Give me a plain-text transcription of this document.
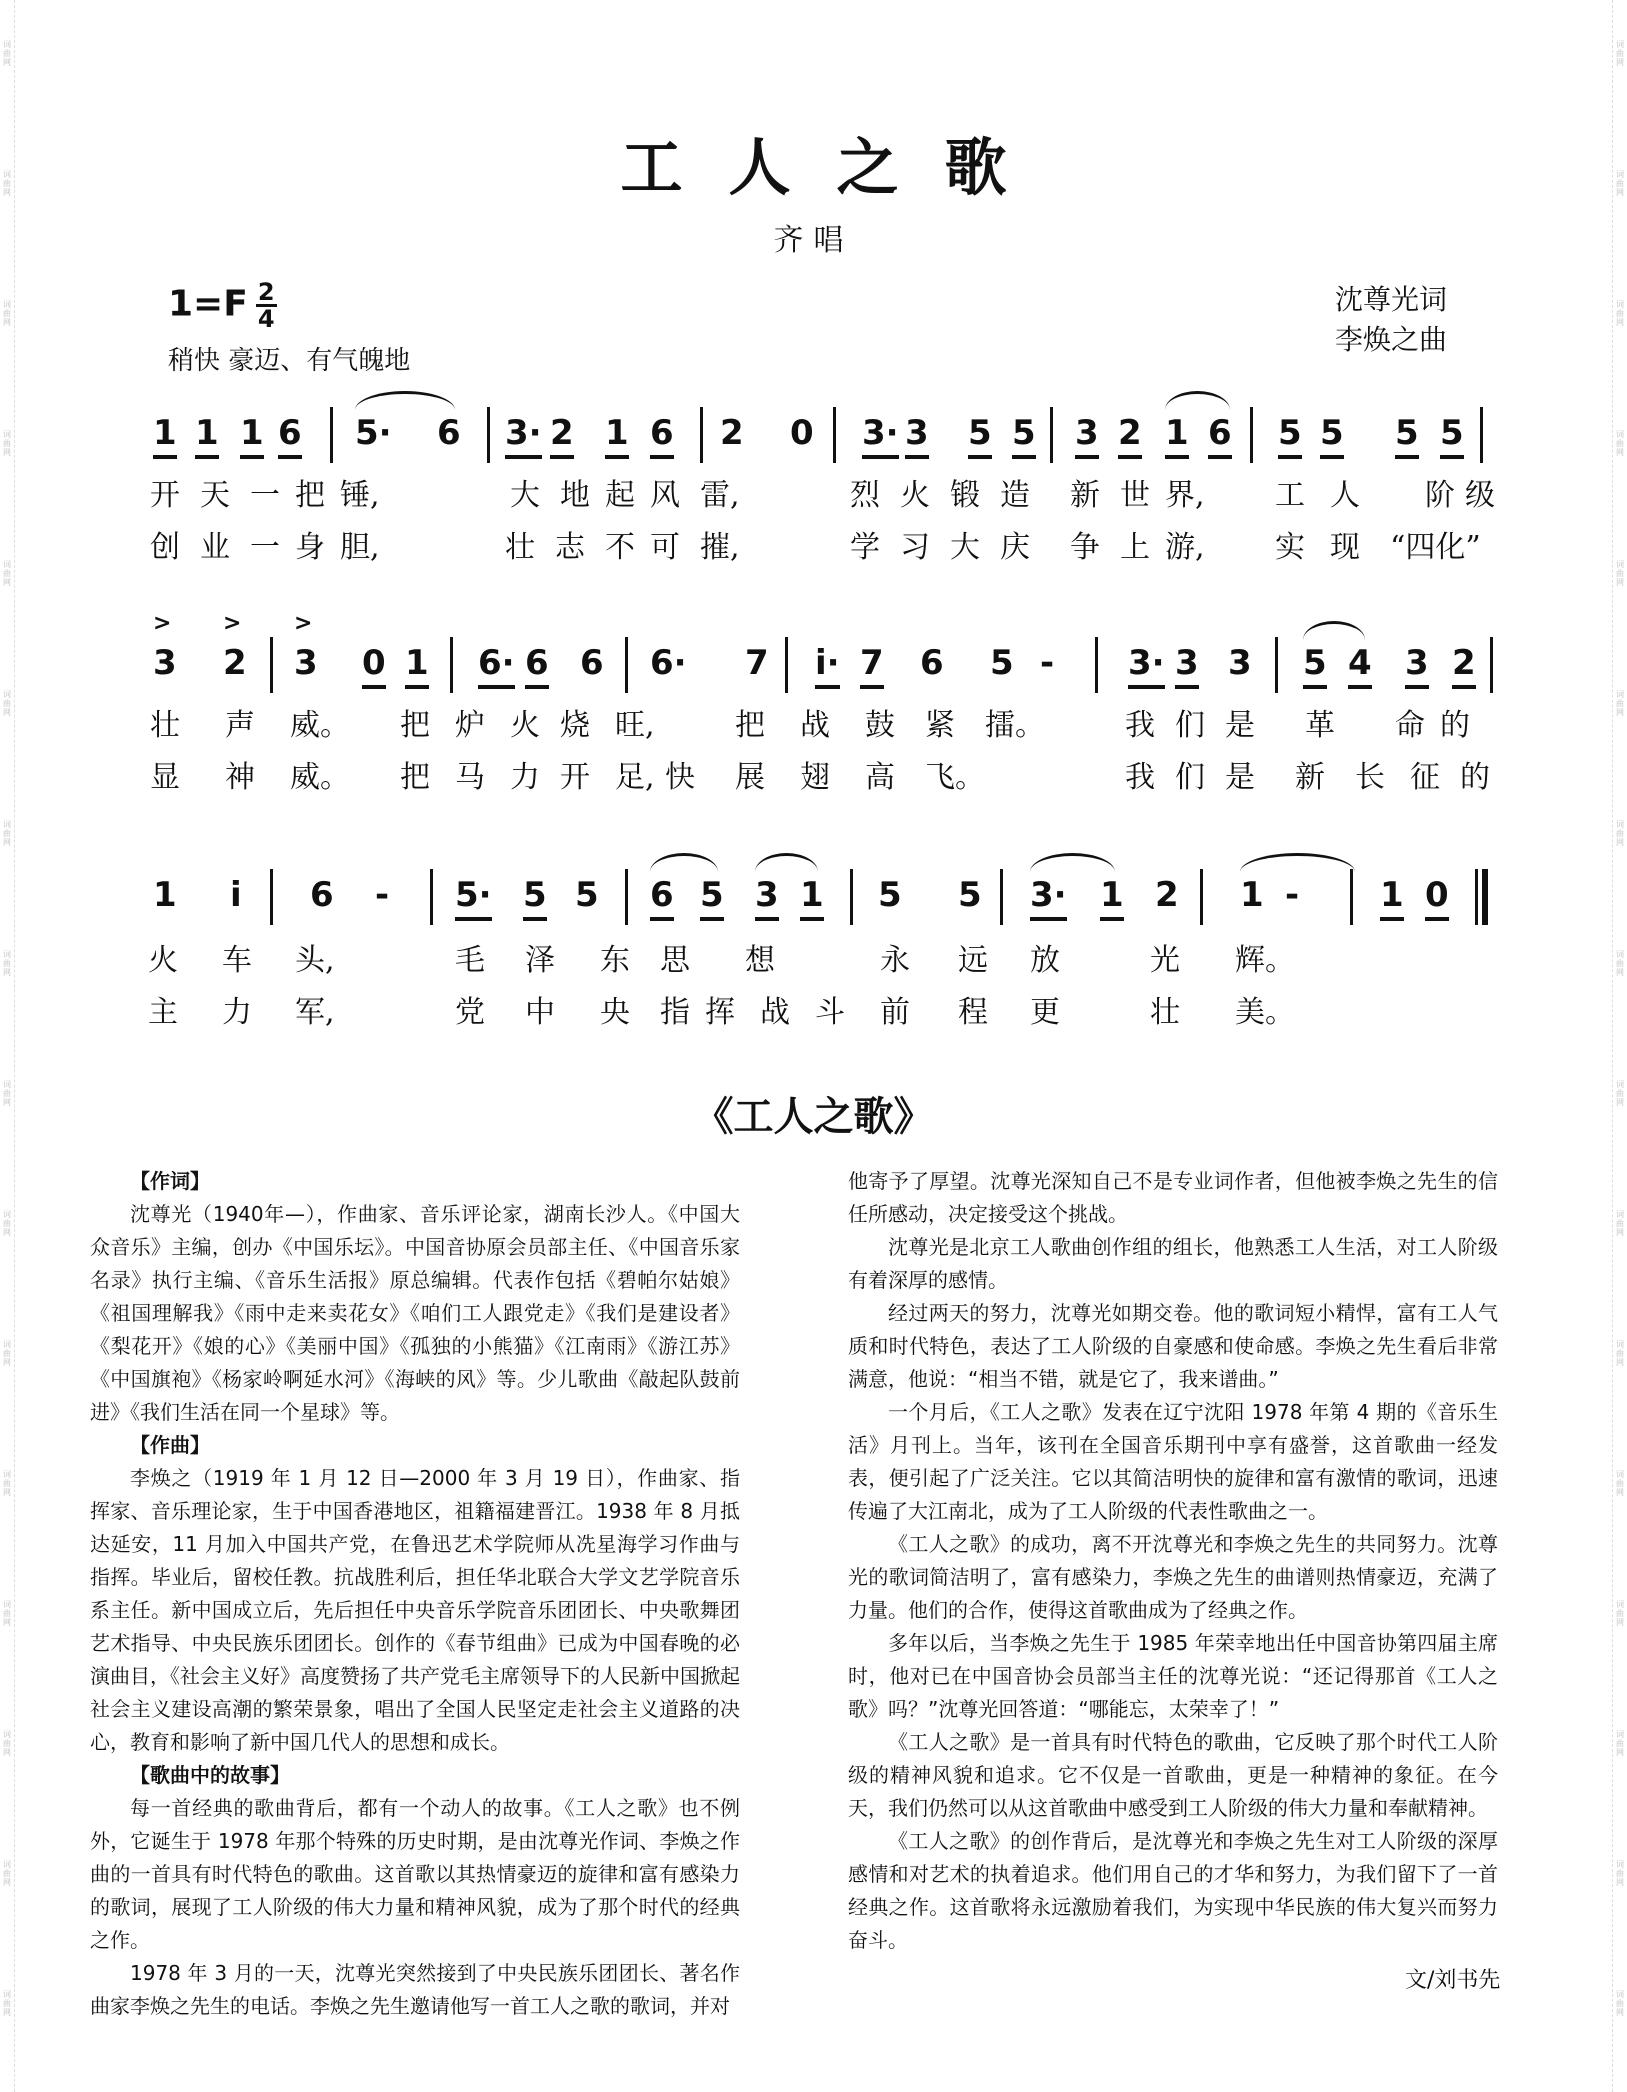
词
曲
网
词
曲
网
词
曲
网
词
曲
网
词
曲
网
词
曲
网
词
曲
网
词
曲
网
词
曲
网
词
曲
网
词
曲
网
词
曲
网
词
曲
网
词
曲
网
词
曲
网
词
曲
网
词
曲
网
词
曲
网
词
曲
网
词
曲
网
词
曲
网
词
曲
网
词
曲
网
词
曲
网
词
曲
网
词
曲
网
词
曲
网
词
曲
网
词
曲
网
词
曲
网
词
曲
网
词
曲
网
工人之歌
齐唱
$1=F \frac{2}{4}$
稍快 豪迈、有气魄地
沈尊光词
李焕之曲
1 1 1 6 5· 6 3· 2 1 6 2 0 3· 3 5 5 3 2 1 6 5 5 5 5
开 天 一 把 锤,	大 地 起 风 雷,	烈 火 锻 造 新 世 界, 工 人 阶 级
创 业 一 身 胆,	壮 志 不 可 摧,	学 习 大 庆 争 上 游, 实 现 “四化”
3 2 3 0 1 6· 6 6 6· 7 i· 7 6 5 - 3· 3 3 5 4 3 2
> > >
壮 声 威。 把 炉 火 烧 旺,	把 战 鼓 紧 擂。	我 们 是 革 命 的
显 神 威。 把 马 力 开 足, 快 展 翅 高 飞。	我 们 是 新 长 征 的
1 i 6 - 5· 5 5 6 5 3 1 5 5 3· 1 2 1 - 1 0
火 车 头,	毛 泽 东 思 想	永 远 放	光 辉。
主 力 军,	党 中 央 指 挥 战 斗 前 程 更	壮 美。
《工人之歌》

【作词】

沈尊光（1940年—），作曲家、音乐评论家，湖南长沙人。《中国大众音乐》主编，创办《中国乐坛》。中国音协原会员部主任、《中国音乐家名录》执行主编、《音乐生活报》原总编辑。代表作包括《碧帕尔姑娘》《祖国理解我》《雨中走来卖花女》《咱们工人跟党走》《我们是建设者》《梨花开》《娘的心》《美丽中国》《孤独的小熊猫》《江南雨》《游江苏》《中国旗袍》《杨家岭啊延水河》《海峡的风》等。少儿歌曲《敲起队鼓前进》《我们生活在同一个星球》等。

【作曲】

李焕之（1919 年 1 月 12 日—2000 年 3 月 19 日），作曲家、指挥家、音乐理论家，生于中国香港地区，祖籍福建晋江。1938 年 8 月抵达延安，11 月加入中国共产党，在鲁迅艺术学院师从冼星海学习作曲与指挥。毕业后，留校任教。抗战胜利后，担任华北联合大学文艺学院音乐系主任。新中国成立后，先后担任中央音乐学院音乐团团长、中央歌舞团艺术指导、中央民族乐团团长。创作的《春节组曲》已成为中国春晚的必演曲目，《社会主义好》高度赞扬了共产党毛主席领导下的人民新中国掀起社会主义建设高潮的繁荣景象，唱出了全国人民坚定走社会主义道路的决心，教育和影响了新中国几代人的思想和成长。

【歌曲中的故事】

每一首经典的歌曲背后，都有一个动人的故事。《工人之歌》也不例外，它诞生于 1978 年那个特殊的历史时期，是由沈尊光作词、李焕之作曲的一首具有时代特色的歌曲。这首歌以其热情豪迈的旋律和富有感染力的歌词，展现了工人阶级的伟大力量和精神风貌，成为了那个时代的经典之作。

1978 年 3 月的一天，沈尊光突然接到了中央民族乐团团长、著名作曲家李焕之先生的电话。李焕之先生邀请他写一首工人之歌的歌词，并对

他寄予了厚望。沈尊光深知自己不是专业词作者，但他被李焕之先生的信任所感动，决定接受这个挑战。

沈尊光是北京工人歌曲创作组的组长，他熟悉工人生活，对工人阶级有着深厚的感情。

经过两天的努力，沈尊光如期交卷。他的歌词短小精悍，富有工人气质和时代特色，表达了工人阶级的自豪感和使命感。李焕之先生看后非常满意，他说：“相当不错，就是它了，我来谱曲。”

一个月后，《工人之歌》发表在辽宁沈阳 1978 年第 4 期的《音乐生活》月刊上。当年，该刊在全国音乐期刊中享有盛誉，这首歌曲一经发表，便引起了广泛关注。它以其简洁明快的旋律和富有激情的歌词，迅速传遍了大江南北，成为了工人阶级的代表性歌曲之一。

《工人之歌》的成功，离不开沈尊光和李焕之先生的共同努力。沈尊光的歌词简洁明了，富有感染力，李焕之先生的曲谱则热情豪迈，充满了力量。他们的合作，使得这首歌曲成为了经典之作。

多年以后，当李焕之先生于 1985 年荣幸地出任中国音协第四届主席时，他对已在中国音协会员部当主任的沈尊光说：“还记得那首《工人之歌》吗？”沈尊光回答道：“哪能忘，太荣幸了！”

《工人之歌》是一首具有时代特色的歌曲，它反映了那个时代工人阶级的精神风貌和追求。它不仅是一首歌曲，更是一种精神的象征。在今天，我们仍然可以从这首歌曲中感受到工人阶级的伟大力量和奉献精神。

《工人之歌》的创作背后，是沈尊光和李焕之先生对工人阶级的深厚感情和对艺术的执着追求。他们用自己的才华和努力，为我们留下了一首经典之作。这首歌将永远激励着我们，为实现中华民族的伟大复兴而努力奋斗。

文/刘书先
